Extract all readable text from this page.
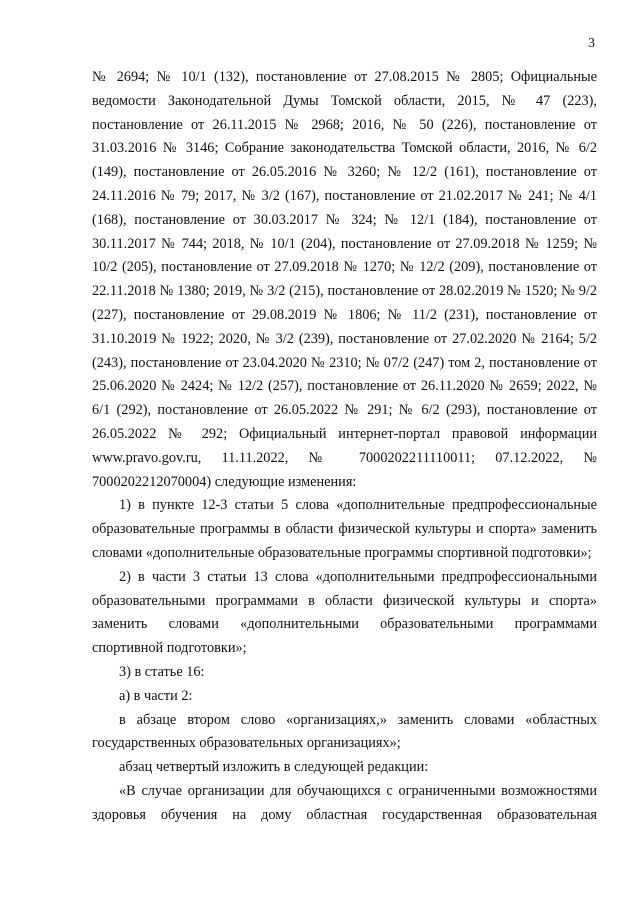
3

№ 2694; № 10/1 (132), постановление от 27.08.2015 № 2805; Официальные ведомости Законодательной Думы Томской области, 2015, № 47 (223), постановление от 26.11.2015 № 2968; 2016, № 50 (226), постановление от 31.03.2016 № 3146; Собрание законодательства Томской области, 2016, № 6/2 (149), постановление от 26.05.2016 № 3260; № 12/2 (161), постановление от 24.11.2016 № 79; 2017, № 3/2 (167), постановление от 21.02.2017 № 241; № 4/1 (168), постановление от 30.03.2017 № 324; № 12/1 (184), постановление от 30.11.2017 № 744; 2018, № 10/1 (204), постановление от 27.09.2018 № 1259; № 10/2 (205), постановление от 27.09.2018 № 1270; № 12/2 (209), постановление от 22.11.2018 № 1380; 2019, № 3/2 (215), постановление от 28.02.2019 № 1520; № 9/2 (227), постановление от 29.08.2019 № 1806; № 11/2 (231), постановление от 31.10.2019 № 1922; 2020, № 3/2 (239), постановление от 27.02.2020 № 2164; 5/2 (243), постановление от 23.04.2020 № 2310; № 07/2 (247) том 2, постановление от 25.06.2020 № 2424; № 12/2 (257), постановление от 26.11.2020 № 2659; 2022, № 6/1 (292), постановление от 26.05.2022 № 291; № 6/2 (293), постановление от 26.05.2022 № 292; Официальный интернет-портал правовой информации www.pravo.gov.ru, 11.11.2022, № 7000202211110011; 07.12.2022, № 7000202212070004) следующие изменения:

1) в пункте 12-3 статьи 5 слова «дополнительные предпрофессиональные образовательные программы в области физической культуры и спорта» заменить словами «дополнительные образовательные программы спортивной подготовки»;

2) в части 3 статьи 13 слова «дополнительными предпрофессиональными образовательными программами в области физической культуры и спорта» заменить словами «дополнительными образовательными программами спортивной подготовки»;

3) в статье 16:

а) в части 2:

в абзаце втором слово «организациях,» заменить словами «областных государственных образовательных организациях»;

абзац четвертый изложить в следующей редакции:

«В случае организации для обучающихся с ограниченными возможностями здоровья обучения на дому областная государственная образовательная
